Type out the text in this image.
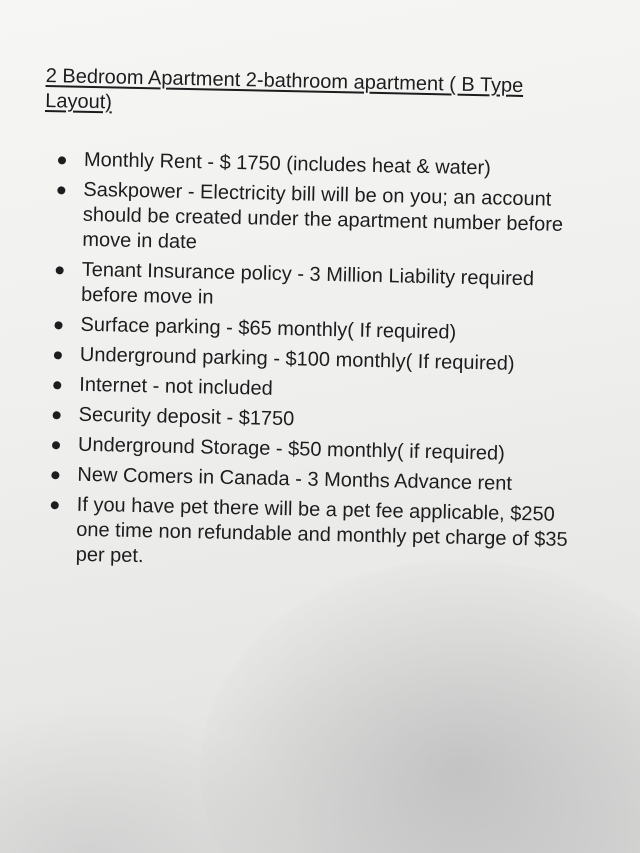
2 Bedroom Apartment 2-bathroom apartment ( B Type Layout)
Monthly Rent - $ 1750 (includes heat & water)
Saskpower - Electricity bill will be on you; an account should be created under the apartment number before move in date
Tenant Insurance policy - 3 Million Liability required before move in
Surface parking - $65 monthly( If required)
Underground parking - $100 monthly( If required)
Internet - not included
Security deposit - $1750
Underground Storage - $50 monthly( if required)
New Comers in Canada - 3 Months Advance rent
If you have pet there will be a pet fee applicable, $250 one time non refundable and monthly pet charge of $35 per pet.
